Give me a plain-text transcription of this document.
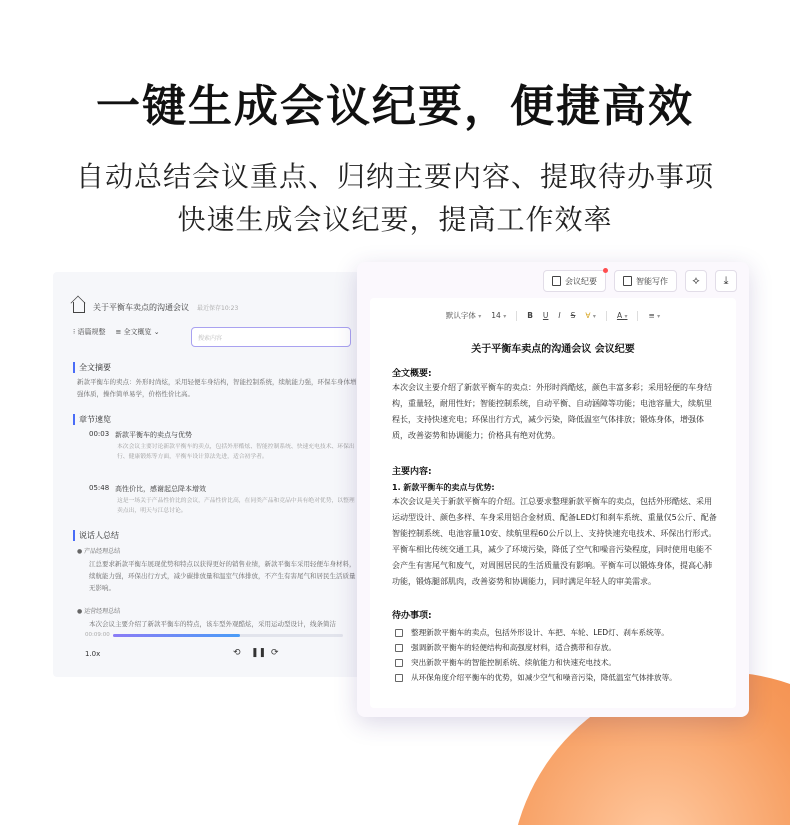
一键生成会议纪要，便捷高效
自动总结会议重点、归纳主要内容、提取待办事项
快速生成会议纪要，提高工作效率
关于平衡车卖点的沟通会议 最近保存10:23
⁝ 语篇规整 ≡ 全文概览 ⌄
搜索内容
全文摘要
新款平衡车的卖点：外形时尚炫，采用轻便车身结构，智能控制系统，续航能力强，环保车身体增强体质，操作简单易学，价格性价比高。
章节速览
00:03 新款平衡车的卖点与优势
本次会议主要讨论新款平衡车的卖点，包括外形酷炫、智能控制系统、快速充电技术、环保出行、健康锻炼等方面，平衡车设计算法先进，适合初学者。
05:48 高性价比，感谢起总降本增效
这是一场关于产品性价比的会议，产品性价比高，在同类产品和竞品中具有绝对优势，以整理卖点出，明天与江总讨论。
说话人总结
● 产品经理总结
江总要求新款平衡车展现优势和特点以获得更好的销售业绩，新款平衡车采用轻便车身材料，续航能力强，环保出行方式，减少碳排放量和温室气体排放，不产生有害尾气和居民生活质量无影响。
● 运营经理总结
本次会议主要介绍了新款平衡车的特点，该车型外观酷炫，采用运动型设计，线条简洁
00:09:00
1.0x	⟲ ❚❚ ⟳
会议纪要	智能写作	⟡	⤓
默认字体 ▾ 14 ▾	B U I S ∀ ▾	A ▾	≡ ▾
关于平衡车卖点的沟通会议 会议纪要
全文概要:
本次会议主要介绍了新款平衡车的卖点：外形时尚酷炫，颜色丰富多彩；采用轻便的车身结构，重量轻，耐用性好；智能控制系统，自动平衡、自动涵障等功能；电池容量大，续航里程长，支持快速充电；环保出行方式，减少污染，降低温室气体排放；锻炼身体，增强体质，改善姿势和协调能力；价格具有绝对优势。
主要内容:
1. 新款平衡车的卖点与优势:
本次会议是关于新款平衡车的介绍。江总要求整理新款平衡车的卖点，包括外形酷炫、采用运动型设计、颜色多样、车身采用铝合金材质、配备LED灯和刹车系统、重量仅5公斤、配备智能控制系统、电池容量10安、续航里程60公斤以上、支持快速充电技术、环保出行形式。平衡车相比传统交通工具，减少了环境污染，降低了空气和噪音污染程度，同时使用电能不会产生有害尾气和废气，对周围居民的生活质量没有影响。平衡车可以锻炼身体，提高心肺功能，锻炼腿部肌肉，改善姿势和协调能力，同时满足年轻人的审美需求。
待办事项:
整理新款平衡车的卖点，包括外形设计、车把、车轮、LED灯、刹车系统等。
强调新款平衡车的轻便结构和高强度材料，适合携带和存放。
突出新款平衡车的智能控制系统、续航能力和快速充电技术。
从环保角度介绍平衡车的优势，如减少空气和噪音污染，降低温室气体排放等。
